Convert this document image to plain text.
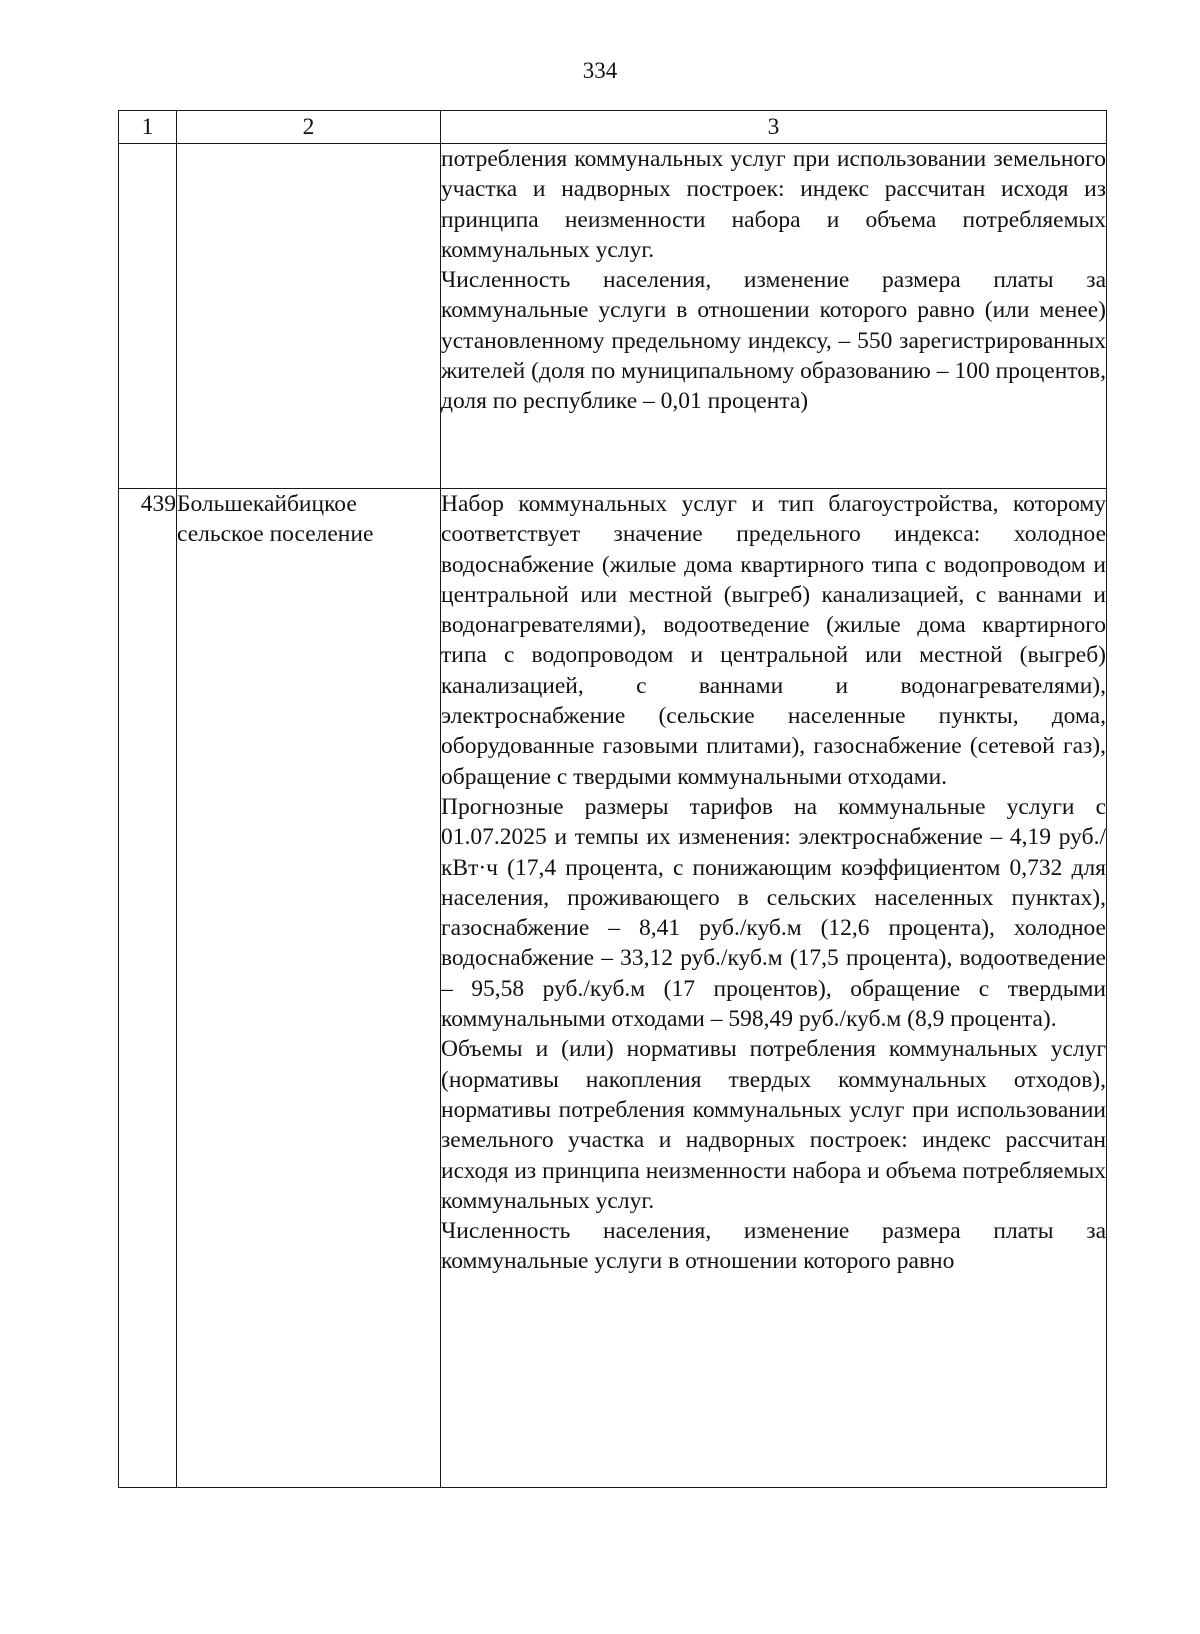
334
1	2	3

		потребления коммунальных услуг при использовании земельного участка и надворных построек: индекс рассчитан исходя из принципа неизменности набора и объема потребляемых коммунальных услуг.

Численность населения, изменение размера платы за коммунальные услуги в отношении которого равно (или менее) установленному предельному индексу, – 550 зарегистрированных жителей (доля по муниципальному образованию – 100 процентов, доля по республике – 0,01 процента)

439	Большекайбицкое сельское поселение	Набор коммунальных услуг и тип благоустройства, которому соответствует значение предельного индекса: холодное водоснабжение (жилые дома квартирного типа с водопроводом и центральной или местной (выгреб) канализацией, с ваннами и водонагревателями), водоотведение (жилые дома квартирного типа с водопроводом и центральной или местной (выгреб) канализацией, с ваннами и водонагревателями), электроснабжение (сельские населенные пункты, дома, оборудованные газовыми плитами), газоснабжение (сетевой газ), обращение с твердыми коммунальными отходами.

Прогнозные размеры тарифов на коммунальные услуги с 01.07.2025 и темпы их изменения: электроснабжение – 4,19 руб./кВт·ч (17,4 процента, с понижающим коэффициентом 0,732 для населения, проживающего в сельских населенных пунктах), газоснабжение – 8,41 руб./куб.м (12,6 процента), холодное водоснабжение – 33,12 руб./куб.м (17,5 процента), водоотведение – 95,58 руб./куб.м (17 процентов), обращение с твердыми коммунальными отходами – 598,49 руб./куб.м (8,9 процента).

Объемы и (или) нормативы потребления коммунальных услуг (нормативы накопления твердых коммунальных отходов), нормативы потребления коммунальных услуг при использовании земельного участка и надворных построек: индекс рассчитан исходя из принципа неизменности набора и объема потребляемых коммунальных услуг.

Численность населения, изменение размера платы за коммунальные услуги в отношении которого равно
